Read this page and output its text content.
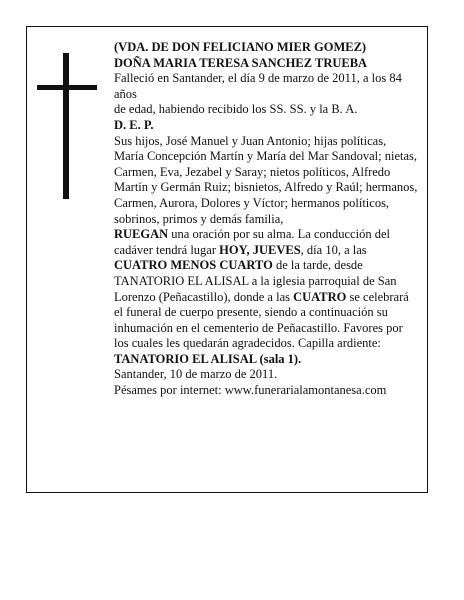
(VDA. DE DON FELICIANO MIER GOMEZ)

DOÑA MARIA TERESA SANCHEZ TRUEBA

Falleció en Santander, el día 9 de marzo de 2011, a los 84 años

de edad, habiendo recibido los SS. SS. y la B. A.

D. E. P.

Sus hijos, José Manuel y Juan Antonio; hijas políticas, María Concepción Martín y María del Mar Sandoval; nietas, Carmen, Eva, Jezabel y Saray; nietos políticos, Alfredo Martín y Germán Ruiz; bisnietos, Alfredo y Raúl; hermanos, Carmen, Aurora, Dolores y Víctor; hermanos políticos, sobrinos, primos y demás familia,
RUEGAN una oración por su alma. La conducción del cadáver tendrá lugar HOY, JUEVES, día 10, a las CUATRO MENOS CUARTO de la tarde, desde TANATORIO EL ALISAL a la iglesia parroquial de San Lorenzo (Peñacastillo), donde a las CUATRO se celebrará el funeral de cuerpo presente, siendo a continuación su inhumación en el cementerio de Peñacastillo. Favores por los cuales les quedarán agradecidos. Capilla ardiente: TANATORIO EL ALISAL (sala 1).

Santander, 10 de marzo de 2011.

Pésames por internet: www.funerarialamontanesa.com
